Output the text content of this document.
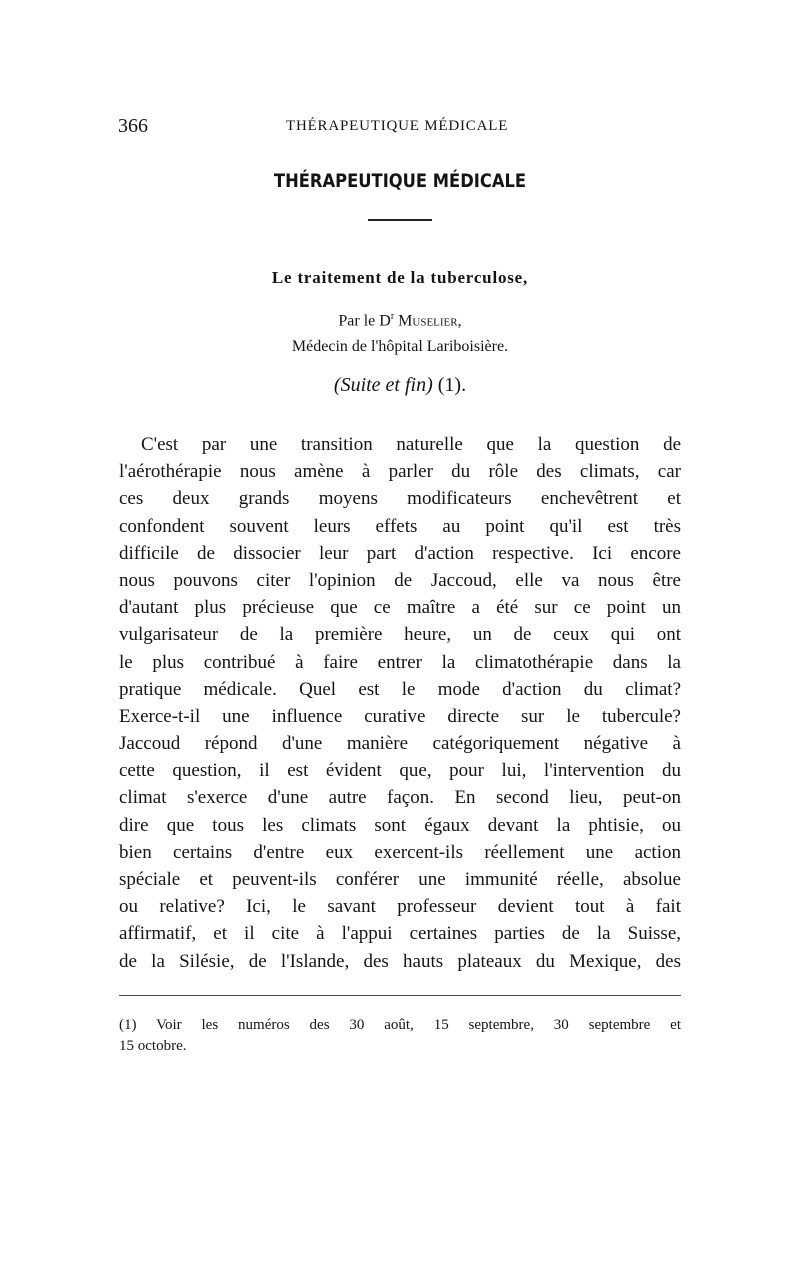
366	THÉRAPEUTIQUE MÉDICALE
THÉRAPEUTIQUE MÉDICALE
Le traitement de la tuberculose,
Par le $D^r$ Muselier,
Médecin de l'hôpital Lariboisière.
(Suite et fin) (1).
C'est par une transition naturelle que la question de
l'aérothérapie nous amène à parler du rôle des climats, car
ces deux grands moyens modificateurs enchevêtrent et
confondent souvent leurs effets au point qu'il est très
difficile de dissocier leur part d'action respective. Ici encore
nous pouvons citer l'opinion de Jaccoud, elle va nous être
d'autant plus précieuse que ce maître a été sur ce point un
vulgarisateur de la première heure, un de ceux qui ont
le plus contribué à faire entrer la climatothérapie dans la
pratique médicale. Quel est le mode d'action du climat?
Exerce-t-il une influence curative directe sur le tubercule?
Jaccoud répond d'une manière catégoriquement négative à
cette question, il est évident que, pour lui, l'intervention du
climat s'exerce d'une autre façon. En second lieu, peut-on
dire que tous les climats sont égaux devant la phtisie, ou
bien certains d'entre eux exercent-ils réellement une action
spéciale et peuvent-ils conférer une immunité réelle, absolue
ou relative? Ici, le savant professeur devient tout à fait
affirmatif, et il cite à l'appui certaines parties de la Suisse,
de la Silésie, de l'Islande, des hauts plateaux du Mexique, des
(1) Voir les numéros des 30 août, 15 septembre, 30 septembre et
15 octobre.
